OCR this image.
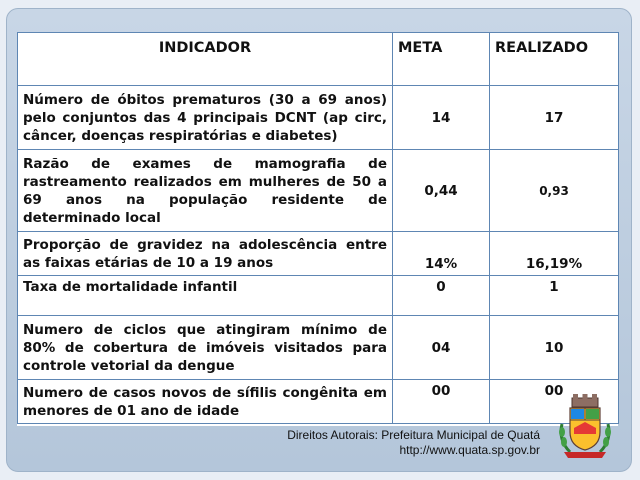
INDICADOR	META	REALIZADO
Número de óbitos prematuros (30 a 69 anos) pelo conjuntos das 4 principais DCNT (ap circ, câncer, doenças respiratórias e diabetes)	14	17
Razão de exames de mamografia de rastreamento realizados em mulheres de 50 a 69 anos na população residente de determinado local	0,44	0,93
Proporção de gravidez na adolescência entre as faixas etárias de 10 a 19 anos	14%	16,19%
Taxa de mortalidade infantil	0	1
Numero de ciclos que atingiram mínimo de 80% de cobertura de imóveis visitados para controle vetorial da dengue	04	10
Numero de casos novos de sífilis congênita em menores de 01 ano de idade	00	00
Direitos Autorais: Prefeitura Municipal de Quatá
http://www.quata.sp.gov.br
